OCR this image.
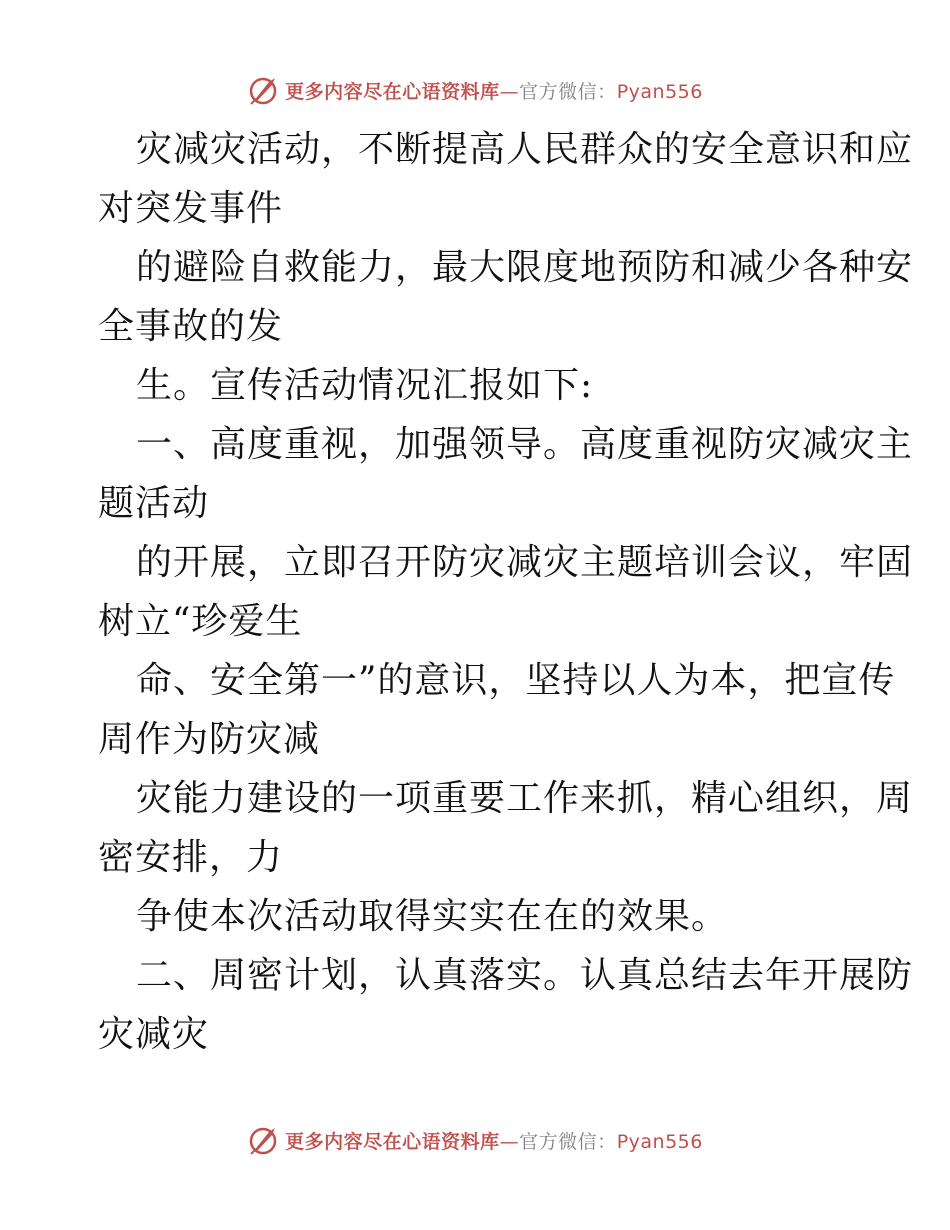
更多内容尽在心语资料库—官方微信：Pyan556
灾减灾活动，不断提高人民群众的安全意识和应
对突发事件
的避险自救能力，最大限度地预防和减少各种安
全事故的发
生。宣传活动情况汇报如下:
一、高度重视，加强领导。高度重视防灾减灾主
题活动
的开展，立即召开防灾减灾主题培训会议，牢固
树立“珍爱生
命、安全第一”的意识，坚持以人为本，把宣传
周作为防灾减
灾能力建设的一项重要工作来抓，精心组织，周
密安排，力
争使本次活动取得实实在在的效果。
二、周密计划，认真落实。认真总结去年开展防
灾减灾
更多内容尽在心语资料库—官方微信：Pyan556
